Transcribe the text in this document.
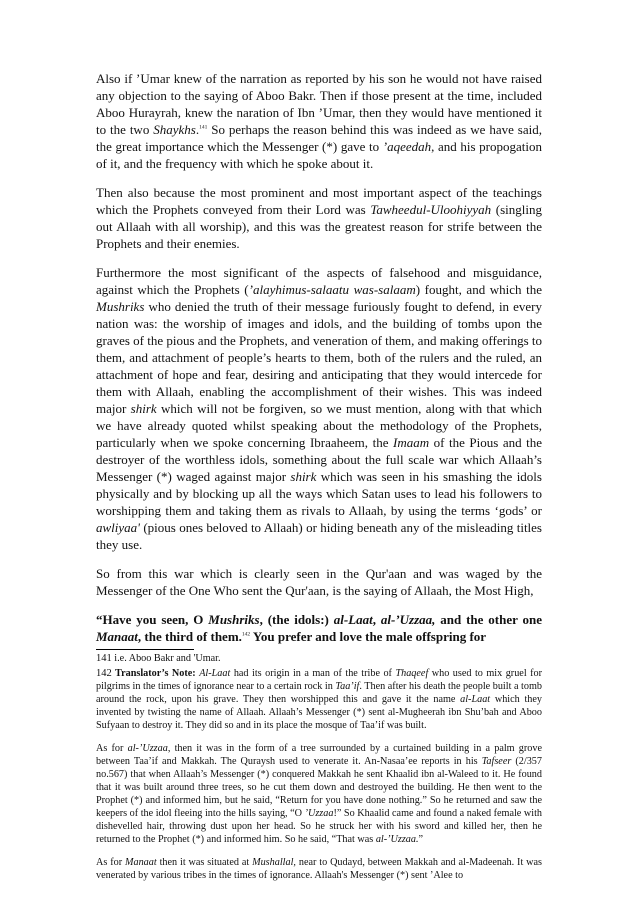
Also if ’Umar knew of the narration as reported by his son he would not have raised any objection to the saying of Aboo Bakr. Then if those present at the time, included Aboo Hurayrah, knew the naration of Ibn ’Umar, then they would have mentioned it to the two Shaykhs.$^{141}$ So perhaps the reason behind this was indeed as we have said, the great importance which the Messenger (*) gave to ’aqeedah, and his propogation of it, and the frequency with which he spoke about it.

Then also because the most prominent and most important aspect of the teachings which the Prophets conveyed from their Lord was Tawheedul-Uloohiyyah (singling out Allaah with all worship), and this was the greatest reason for strife between the Prophets and their enemies.

Furthermore the most significant of the aspects of falsehood and misguidance, against which the Prophets (’alayhimus-salaatu was-salaam) fought, and which the Mushriks who denied the truth of their message furiously fought to defend, in every nation was: the worship of images and idols, and the building of tombs upon the graves of the pious and the Prophets, and veneration of them, and making offerings to them, and attachment of people’s hearts to them, both of the rulers and the ruled, an attachment of hope and fear, desiring and anticipating that they would intercede for them with Allaah, enabling the accomplishment of their wishes. This was indeed major shirk which will not be forgiven, so we must mention, along with that which we have already quoted whilst speaking about the methodology of the Prophets, particularly when we spoke concerning Ibraaheem, the Imaam of the Pious and the destroyer of the worthless idols, something about the full scale war which Allaah’s Messenger (*) waged against major shirk which was seen in his smashing the idols physically and by blocking up all the ways which Satan uses to lead his followers to worshipping them and taking them as rivals to Allaah, by using the terms ‘gods’ or awliyaa' (pious ones beloved to Allaah) or hiding beneath any of the misleading titles they use.

So from this war which is clearly seen in the Qur'aan and was waged by the Messenger of the One Who sent the Qur'aan, is the saying of Allaah, the Most High,

“Have you seen, O Mushriks, (the idols:) al-Laat, al-’Uzzaa, and the other one Manaat, the third of them.$^{142}$ You prefer and love the male offspring for

141 i.e. Aboo Bakr and 'Umar.

142 Translator’s Note: Al-Laat had its origin in a man of the tribe of Thaqeef who used to mix gruel for pilgrims in the times of ignorance near to a certain rock in Taa’if. Then after his death the people built a tomb around the rock, upon his grave. They then worshipped this and gave it the name al-Laat which they invented by twisting the name of Allaah. Allaah’s Messenger (*) sent al-Mugheerah ibn Shu’bah and Aboo Sufyaan to destroy it. They did so and in its place the mosque of Taa’if was built.

As for al-’Uzzaa, then it was in the form of a tree surrounded by a curtained building in a palm grove between Taa’if and Makkah. The Quraysh used to venerate it. An-Nasaa’ee reports in his Tafseer (2/357 no.567) that when Allaah’s Messenger (*) conquered Makkah he sent Khaalid ibn al-Waleed to it. He found that it was built around three trees, so he cut them down and destroyed the building. He then went to the Prophet (*) and informed him, but he said, “Return for you have done nothing.” So he returned and saw the keepers of the idol fleeing into the hills saying, “O ’Uzzaa!” So Khaalid came and found a naked female with dishevelled hair, throwing dust upon her head. So he struck her with his sword and killed her, then he returned to the Prophet (*) and informed him. So he said, “That was al-’Uzzaa.”

As for Manaat then it was situated at Mushallal, near to Qudayd, between Makkah and al-Madeenah. It was venerated by various tribes in the times of ignorance. Allaah's Messenger (*) sent ’Alee to
